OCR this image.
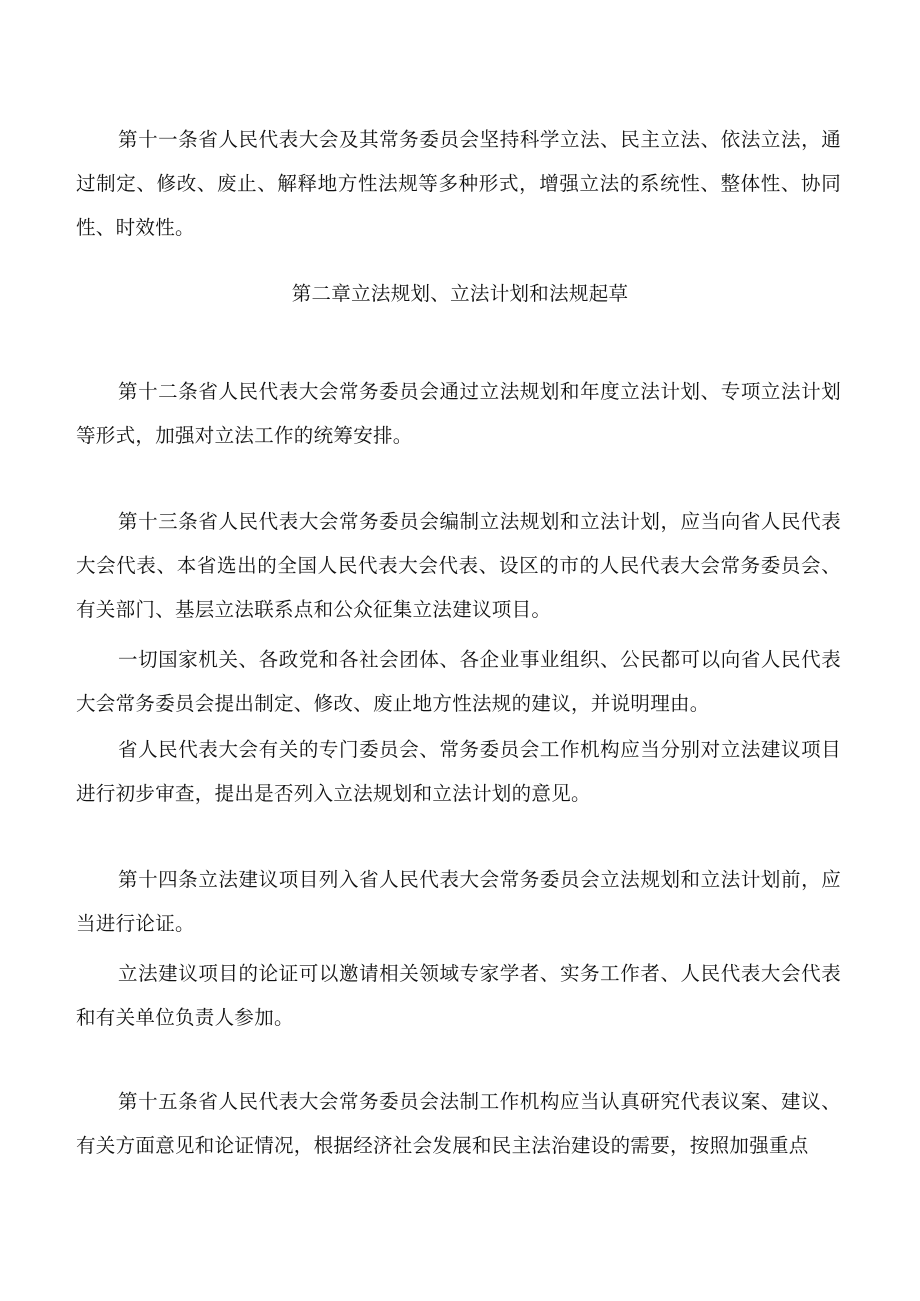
第十一条省人民代表大会及其常务委员会坚持科学立法、民主立法、依法立法，通过制定、修改、废止、解释地方性法规等多种形式，增强立法的系统性、整体性、协同性、时效性。

第二章立法规划、立法计划和法规起草

第十二条省人民代表大会常务委员会通过立法规划和年度立法计划、专项立法计划等形式，加强对立法工作的统筹安排。

第十三条省人民代表大会常务委员会编制立法规划和立法计划，应当向省人民代表大会代表、本省选出的全国人民代表大会代表、设区的市的人民代表大会常务委员会、有关部门、基层立法联系点和公众征集立法建议项目。

一切国家机关、各政党和各社会团体、各企业事业组织、公民都可以向省人民代表大会常务委员会提出制定、修改、废止地方性法规的建议，并说明理由。

省人民代表大会有关的专门委员会、常务委员会工作机构应当分别对立法建议项目进行初步审查，提出是否列入立法规划和立法计划的意见。

第十四条立法建议项目列入省人民代表大会常务委员会立法规划和立法计划前，应当进行论证。

立法建议项目的论证可以邀请相关领域专家学者、实务工作者、人民代表大会代表和有关单位负责人参加。

第十五条省人民代表大会常务委员会法制工作机构应当认真研究代表议案、建议、有关方面意见和论证情况，根据经济社会发展和民主法治建设的需要，按照加强重点
